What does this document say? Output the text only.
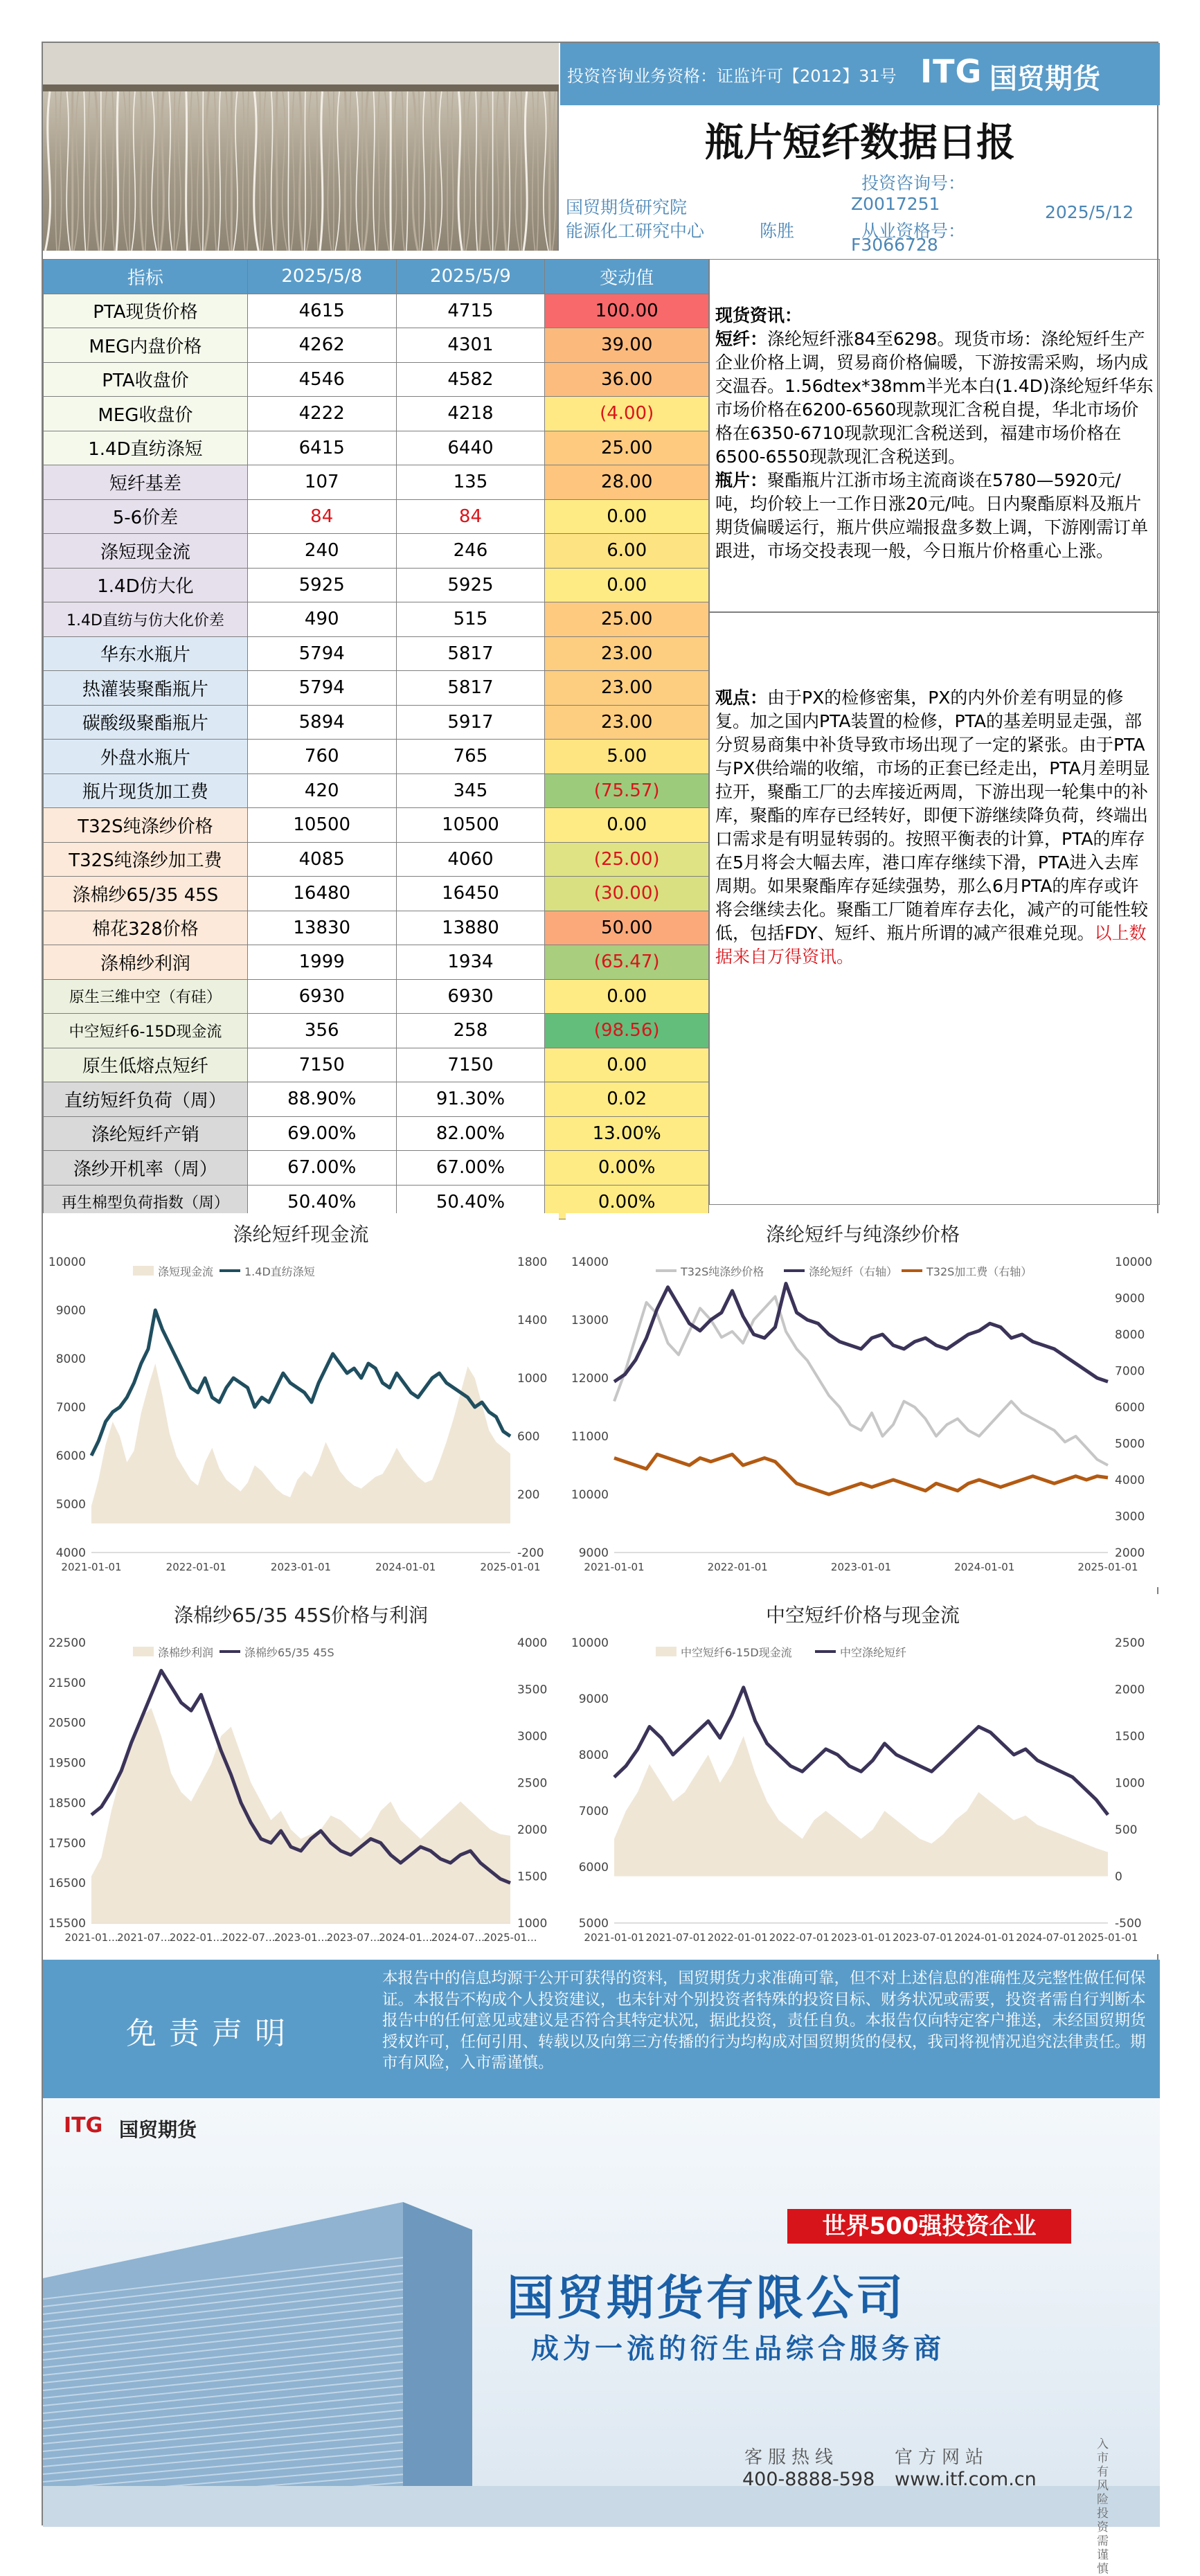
投资咨询业务资格：证监许可【2012】31号 ITG 国贸期货
瓶片短纤数据日报
国贸期货研究院
能源化工研究中心	陈胜
投资咨询号：
Z0017251
从业资格号：
F3066728
2025/5/12
指标	2025/5/8	2025/5/9	变动值
PTA现货价格	4615	4715	100.00
MEG内盘价格	4262	4301	39.00
PTA收盘价	4546	4582	36.00
MEG收盘价	4222	4218	(4.00)
1.4D直纺涤短	6415	6440	25.00
短纤基差	107	135	28.00
5-6价差	84	84	0.00
涤短现金流	240	246	6.00
1.4D仿大化	5925	5925	0.00
1.4D直纺与仿大化价差	490	515	25.00
华东水瓶片	5794	5817	23.00
热灌装聚酯瓶片	5794	5817	23.00
碳酸级聚酯瓶片	5894	5917	23.00
外盘水瓶片	760	765	5.00
瓶片现货加工费	420	345	(75.57)
T32S纯涤纱价格	10500	10500	0.00
T32S纯涤纱加工费	4085	4060	(25.00)
涤棉纱65/35 45S	16480	16450	(30.00)
棉花328价格	13830	13880	50.00
涤棉纱利润	1999	1934	(65.47)
原生三维中空（有硅）	6930	6930	0.00
中空短纤6-15D现金流	356	258	(98.56)
原生低熔点短纤	7150	7150	0.00
直纺短纤负荷（周）	88.90%	91.30%	0.02
涤纶短纤产销	69.00%	82.00%	13.00%
涤纱开机率（周）	67.00%	67.00%	0.00%
再生棉型负荷指数（周）	50.40%	50.40%	0.00%
现货资讯：
短纤：涤纶短纤涨84至6298。现货市场：涤纶短纤生产企业价格上调，贸易商价格偏暖，下游按需采购，场内成交温吞。1.56dtex*38mm半光本白(1.4D)涤纶短纤华东市场价格在6200-6560现款现汇含税自提，华北市场价格在6350-6710现款现汇含税送到，福建市场价格在6500-6550现款现汇含税送到。
瓶片：聚酯瓶片江浙市场主流商谈在5780—5920元/吨，均价较上一工作日涨20元/吨。日内聚酯原料及瓶片期货偏暖运行，瓶片供应端报盘多数上调，下游刚需订单跟进，市场交投表现一般，今日瓶片价格重心上涨。
观点：由于PX的检修密集，PX的内外价差有明显的修复。加之国内PTA装置的检修，PTA的基差明显走强，部分贸易商集中补货导致市场出现了一定的紧张。由于PTA与PX供给端的收缩，市场的正套已经走出，PTA月差明显拉开，聚酯工厂的去库接近两周，下游出现一轮集中的补库，聚酯的库存已经转好，即便下游继续降负荷，终端出口需求是有明显转弱的。按照平衡表的计算，PTA的库存在5月将会大幅去库，港口库存继续下滑，PTA进入去库周期。如果聚酯库存延续强势，那么6月PTA的库存或许将会继续去化。聚酯工厂随着库存去化，减产的可能性较低，包括FDY、短纤、瓶片所谓的减产很难兑现。以上数据来自万得资讯。
涤纶短纤现金流
4000
5000
6000
7000
8000
9000
10000
-200
200
600
1000
1400
1800
2021-01-01	2022-01-01	2023-01-01	2024-01-01	2025-01-01
涤短现金流	1.4D直纺涤短
涤纶短纤与纯涤纱价格
9000
10000
11000
12000
13000
14000
2000
3000
4000
5000
6000
7000
8000
9000
10000
2021-01-01	2022-01-01	2023-01-01	2024-01-01	2025-01-01
T32S纯涤纱价格	涤纶短纤（右轴）	T32S加工费（右轴）
涤棉纱65/35 45S价格与利润
15500
16500
17500
18500
19500
20500
21500
22500
1000
1500
2000
2500
3000
3500
4000
2021-01...
2021-07...
2022-01...
2022-07...
2023-01...
2023-07...
2024-01...
2024-07...
2025-01...
涤棉纱利润	涤棉纱65/35 45S
中空短纤价格与现金流
5000
6000
7000
8000
9000
10000
-500
0
500
1000
1500
2000
2500
2021-01-01 2021-07-01 2022-01-01 2022-07-01 2023-01-01 2023-07-01 2024-01-01 2024-07-01 2025-01-01
中空短纤6-15D现金流	中空涤纶短纤
免责声明
本报告中的信息均源于公开可获得的资料，国贸期货力求准确可靠，但不对上述信息的准确性及完整性做任何保证。本报告不构成个人投资建议，也未针对个别投资者特殊的投资目标、财务状况或需要，投资者需自行判断本报告中的任何意见或建议是否符合其特定状况，据此投资，责任自负。本报告仅向特定客户推送，未经国贸期货授权许可，任何引用、转载以及向第三方传播的行为均构成对国贸期货的侵权，我司将视情况追究法律责任。期市有风险，入市需谨慎。
ITG 国贸期货
世界500强投资企业
国贸期货有限公司
成为一流的衍生品综合服务商
客服热线
400-8888-598
官方网站
www.itf.com.cn
入市有风险投资需谨慎
